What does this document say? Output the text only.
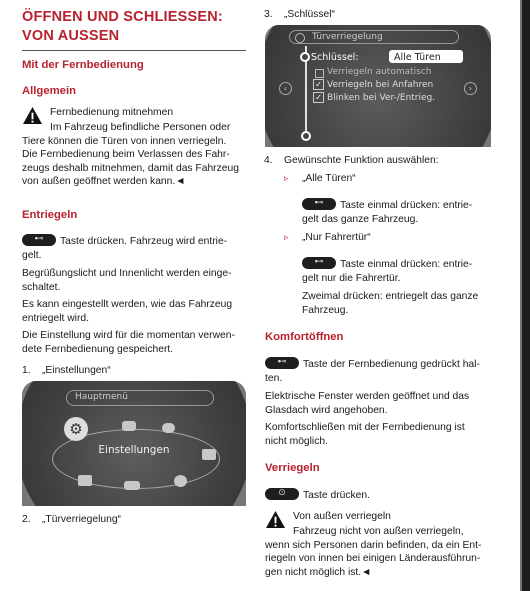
ÖFFNEN UND SCHLIESSEN:
VON AUSSEN
Mit der Fernbedienung
Allgemein
Fernbedienung mitnehmen
Im Fahrzeug befindliche Personen oder
Tiere können die Türen von innen verriegeln.
Die Fernbedienung beim Verlassen des Fahr-
zeugs deshalb mitnehmen, damit das Fahrzeug
von außen geöffnet werden kann.◄
Entriegeln
⊷	Taste drücken. Fahrzeug wird entrie-
gelt.
Begrüßungslicht und Innenlicht werden einge-
schaltet.
Es kann eingestellt werden, wie das Fahrzeug
entriegelt wird.
Die Einstellung wird für die momentan verwen-
dete Fernbedienung gespeichert.
1. „Einstellungen“
Hauptmenü
⚙
Einstellungen
2. „Türverriegelung“
3. „Schlüssel“
Türverriegelung
Schlüssel:	Alle Türen
Verriegeln automatisch
✓ Verriegeln bei Anfahren
✓ Blinken bei Ver-/Entrieg.
‹	›
4. Gewünschte Funktion auswählen:
▹ „Alle Türen“
⊷	Taste einmal drücken: entrie-
gelt das ganze Fahrzeug.
▹ „Nur Fahrertür“
⊷	Taste einmal drücken: entrie-
gelt nur die Fahrertür.
Zweimal drücken: entriegelt das ganze
Fahrzeug.
Komfortöffnen
⊷	Taste der Fernbedienung gedrückt hal-
ten.
Elektrische Fenster werden geöffnet und das
Glasdach wird angehoben.
Komfortschließen mit der Fernbedienung ist
nicht möglich.
Verriegeln
⊙	Taste drücken.
Von außen verriegeln
Fahrzeug nicht von außen verriegeln,
wenn sich Personen darin befinden, da ein Ent-
riegeln von innen bei einigen Länderausführun-
gen nicht möglich ist.◄
